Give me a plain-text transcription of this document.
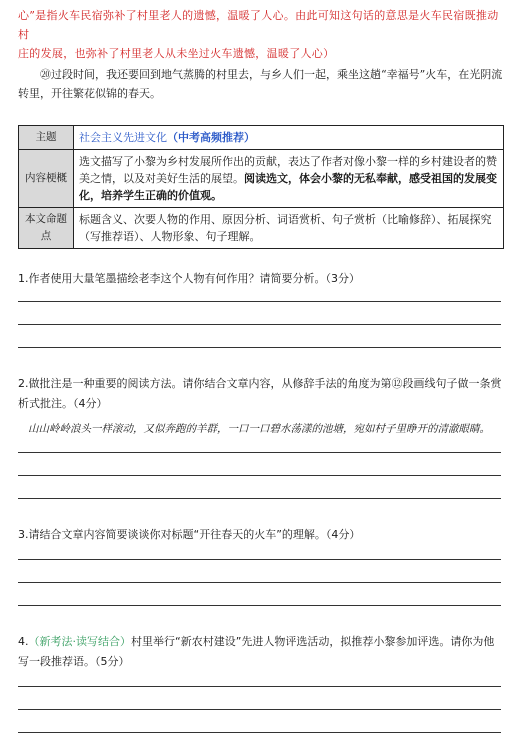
心”是指火车民宿弥补了村里老人的遗憾，温暖了人心。由此可知这句话的意思是火车民宿既推动村
庄的发展，也弥补了村里老人从未坐过火车遗憾，温暖了人心）
⑳过段时间，我还要回到地气蒸腾的村里去，与乡人们一起，乘坐这趟“幸福号”火车，在光阴流转里，开往繁花似锦的春天。
主题	社会主义先进文化（中考高频推荐）
内容梗概	选文描写了小黎为乡村发展所作出的贡献，表达了作者对像小黎一样的乡村建设者的赞美之情，以及对美好生活的展望。阅读选文，体会小黎的无私奉献，感受祖国的发展变化，培养学生正确的价值观。
本文命题点	标题含义、次要人物的作用、原因分析、词语赏析、句子赏析（比喻修辞）、拓展探究（写推荐语）、人物形象、句子理解。
1.作者使用大量笔墨描绘老李这个人物有何作用？请简要分析。（3分）
2.做批注是一种重要的阅读方法。请你结合文章内容，从修辞手法的角度为第⑫段画线句子做一条赏析式批注。（4分）
山山岭岭浪头一样滚动，又似奔跑的羊群，一口一口碧水荡漾的池塘，宛如村子里睁开的清澈眼睛。
3.请结合文章内容简要谈谈你对标题“开往春天的火车”的理解。（4分）
4.（新考法·读写结合）村里举行“新农村建设”先进人物评选活动，拟推荐小黎参加评选。请你为他写一段推荐语。（5分）
